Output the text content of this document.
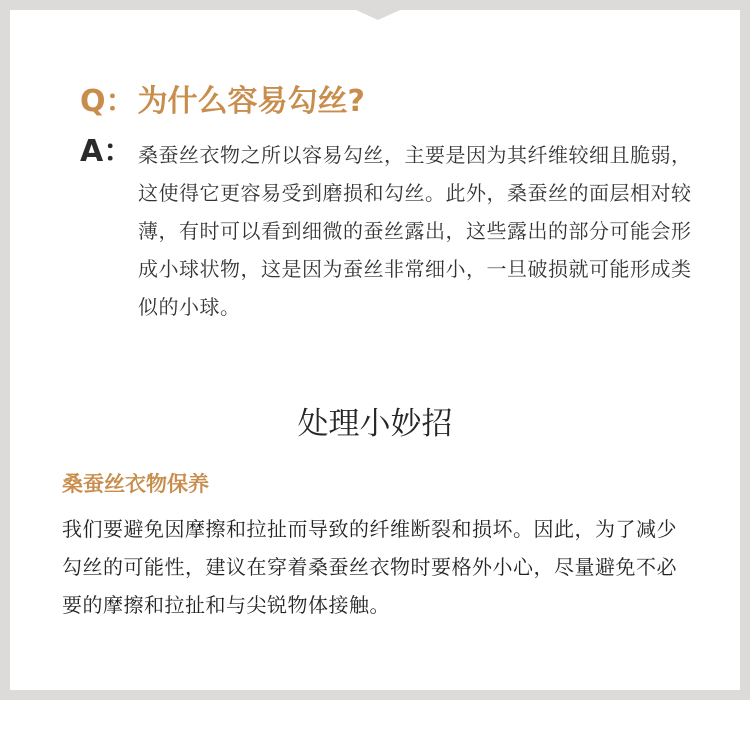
Q： 为什么容易勾丝?
A： 桑蚕丝衣物之所以容易勾丝，主要是因为其纤维较细且脆弱，这使得它更容易受到磨损和勾丝。此外，桑蚕丝的面层相对较薄，有时可以看到细微的蚕丝露出，这些露出的部分可能会形成小球状物，这是因为蚕丝非常细小，一旦破损就可能形成类似的小球。
处理小妙招
桑蚕丝衣物保养
我们要避免因摩擦和拉扯而导致的纤维断裂和损坏。因此，为了减少勾丝的可能性，建议在穿着桑蚕丝衣物时要格外小心，尽量避免不必要的摩擦和拉扯和与尖锐物体接触。
